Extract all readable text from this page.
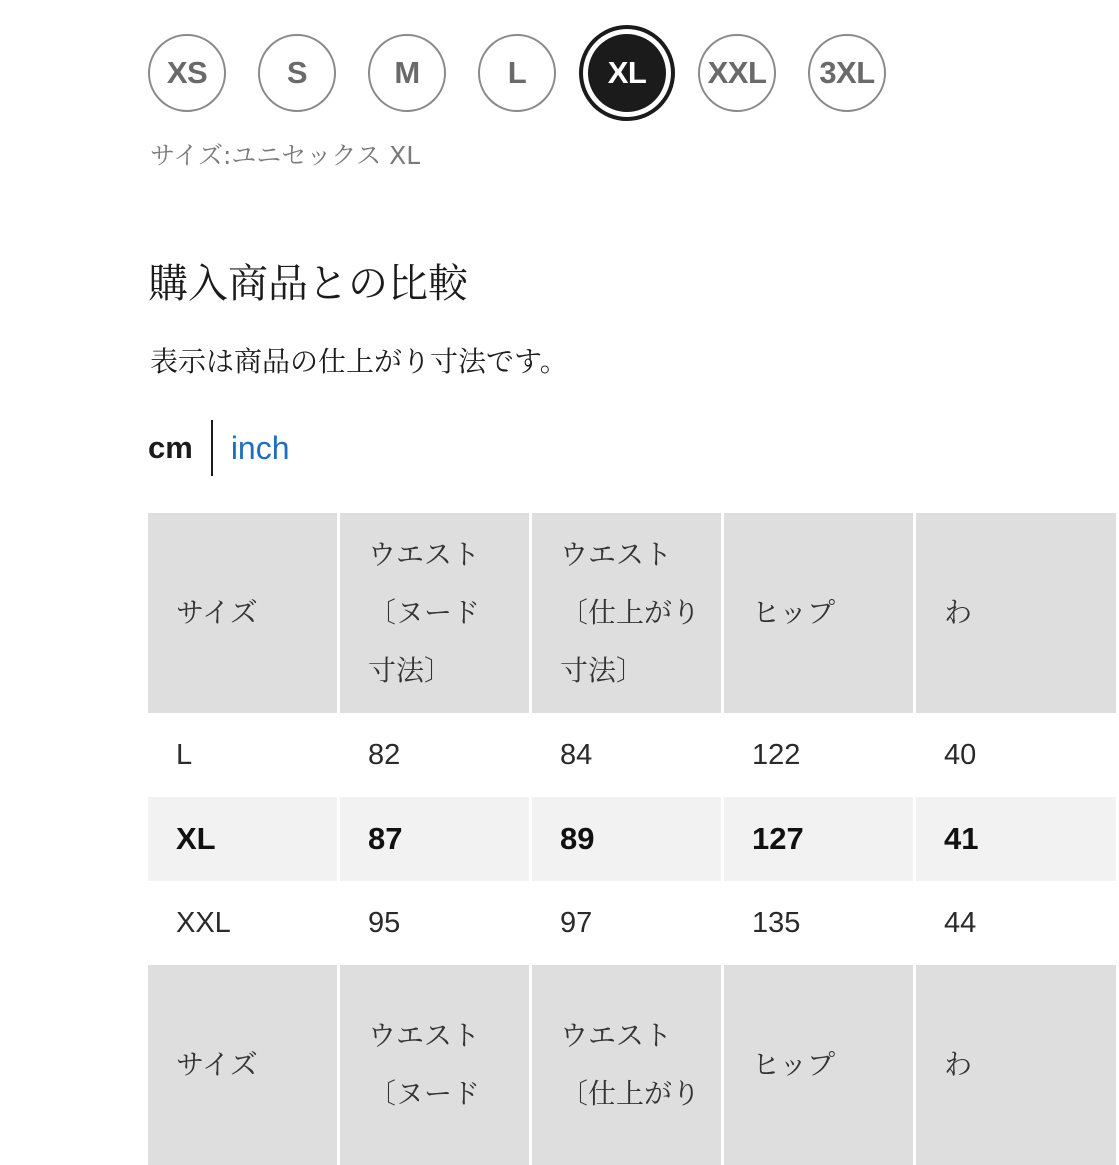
XS	S	M	L	XL	XXL	3XL
サイズ:ユニセックス XL
購入商品との比較
表示は商品の仕上がり寸法です。
cm inch
サイズ	ウエスト
〔ヌード
寸法〕	ウエスト
〔仕上がり
寸法〕	ヒップ	わ

L	82	84	122	40
XL	87	89	127	41
XXL	95	97	135	44

サイズ	ウエスト
〔ヌード	ウエスト
〔仕上がり	ヒップ	わ
